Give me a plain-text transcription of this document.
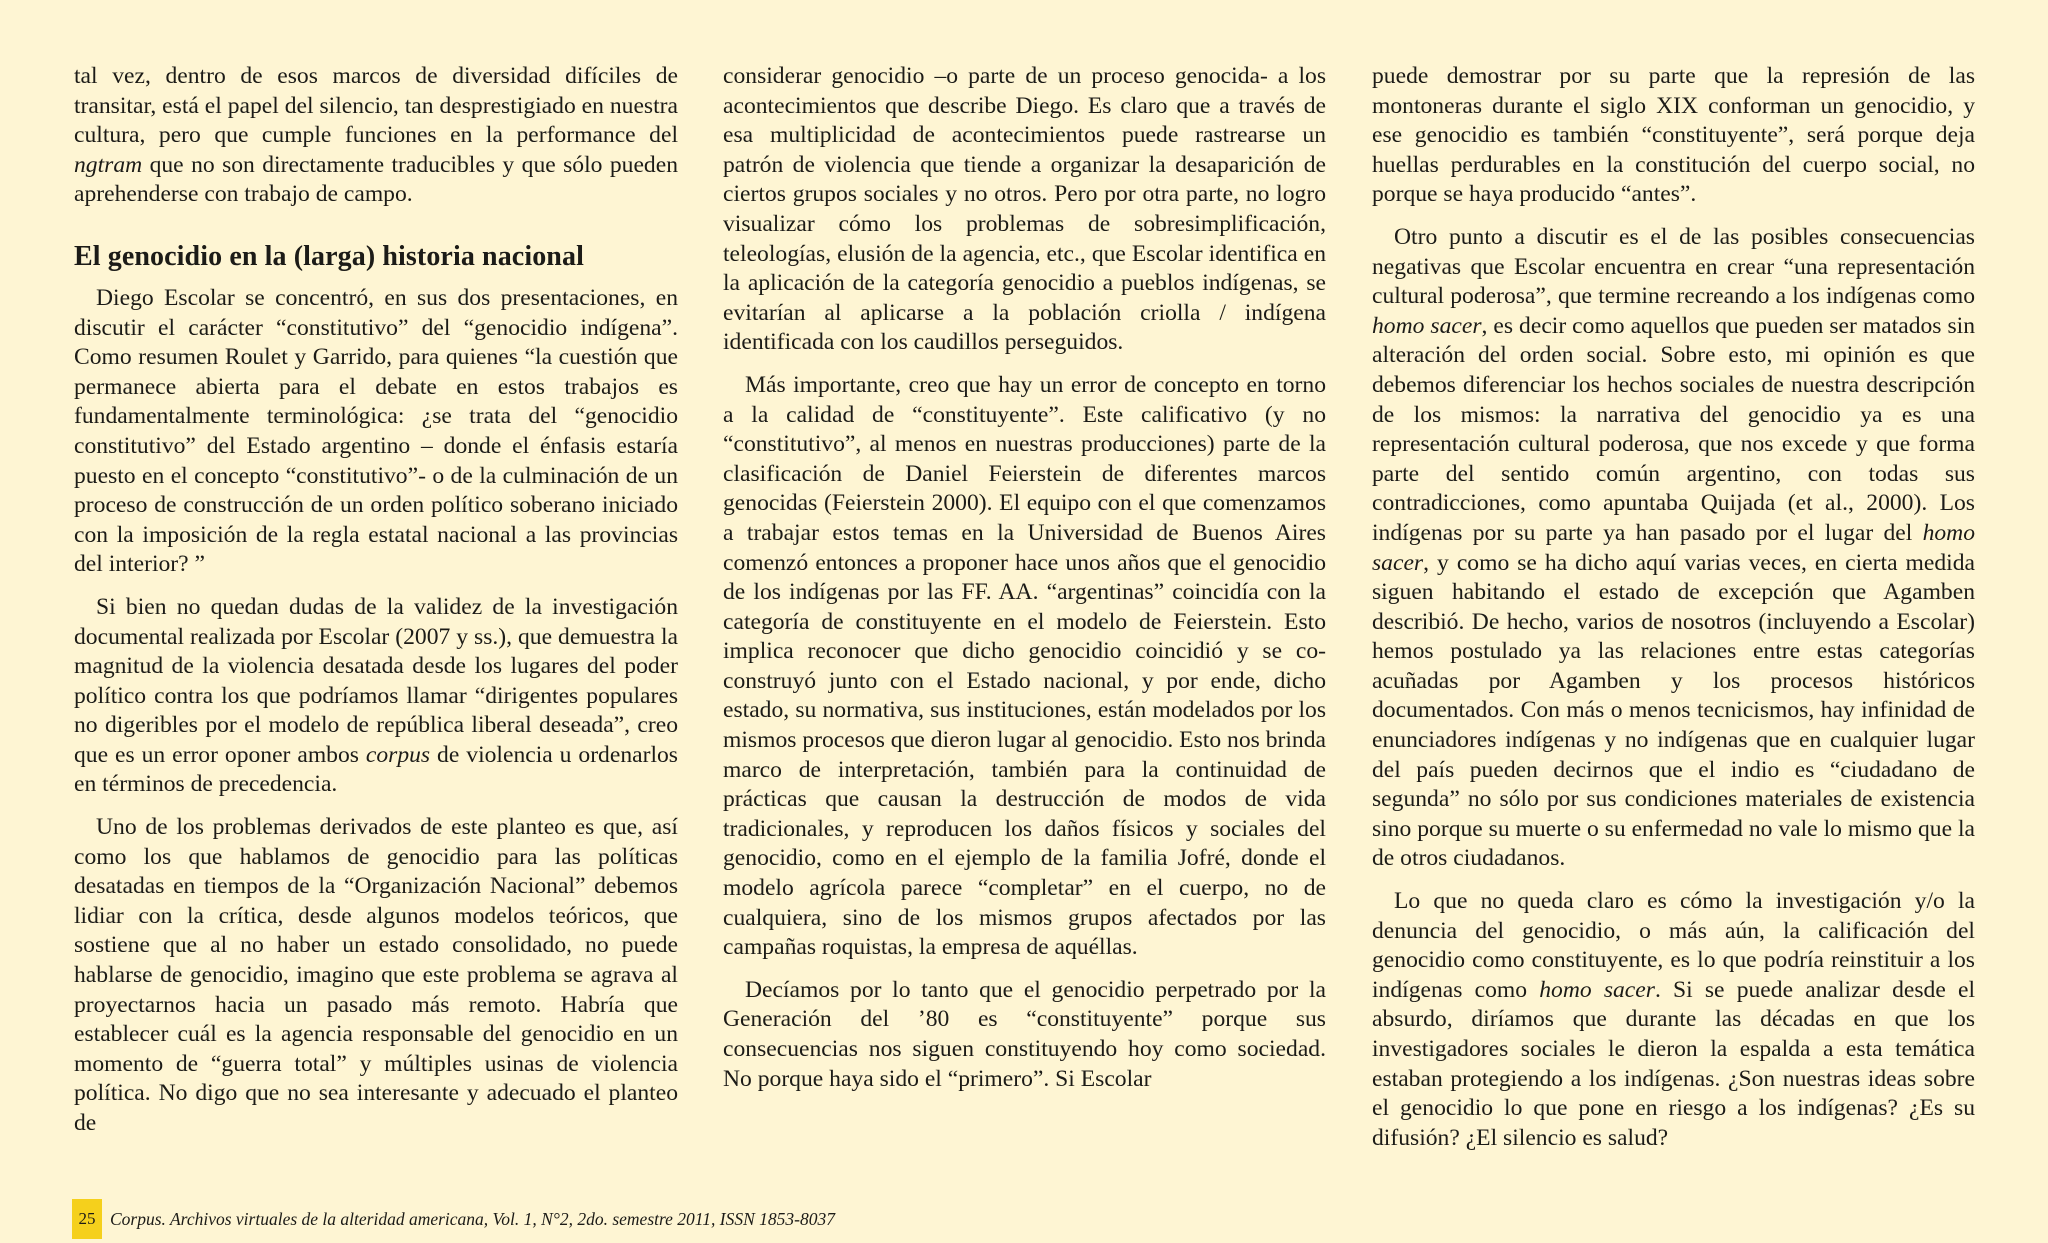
tal vez, dentro de esos marcos de diversidad difíciles de transitar, está el papel del silencio, tan desprestigiado en nuestra cultura, pero que cumple funciones en la performance del ngtram que no son directamente traducibles y que sólo pueden aprehenderse con trabajo de campo.

El genocidio en la (larga) historia nacional

Diego Escolar se concentró, en sus dos presentaciones, en discutir el carácter “constitutivo” del “genocidio indígena”. Como resumen Roulet y Garrido, para quienes “la cuestión que permanece abierta para el debate en estos trabajos es fundamentalmente terminológica: ¿se trata del “genocidio constitutivo” del Estado argentino – donde el énfasis estaría puesto en el concepto “constitutivo”- o de la culminación de un proceso de construcción de un orden político soberano iniciado con la imposición de la regla estatal nacional a las provincias del interior? ”

Si bien no quedan dudas de la validez de la investigación documental realizada por Escolar (2007 y ss.), que demuestra la magnitud de la violencia desatada desde los lugares del poder político contra los que podríamos llamar “dirigentes populares no digeribles por el modelo de república liberal deseada”, creo que es un error oponer ambos corpus de violencia u ordenarlos en términos de precedencia.

Uno de los problemas derivados de este planteo es que, así como los que hablamos de genocidio para las políticas desatadas en tiempos de la “Organización Nacional” debemos lidiar con la crítica, desde algunos modelos teóricos, que sostiene que al no haber un estado consolidado, no puede hablarse de genocidio, imagino que este problema se agrava al proyectarnos hacia un pasado más remoto. Habría que establecer cuál es la agencia responsable del genocidio en un momento de “guerra total” y múltiples usinas de violencia política. No digo que no sea interesante y adecuado el planteo de

considerar genocidio –o parte de un proceso genocida- a los acontecimientos que describe Diego. Es claro que a través de esa multiplicidad de acontecimientos puede rastrearse un patrón de violencia que tiende a organizar la desaparición de ciertos grupos sociales y no otros. Pero por otra parte, no logro visualizar cómo los problemas de sobresimplificación, teleologías, elusión de la agencia, etc., que Escolar identifica en la aplicación de la categoría genocidio a pueblos indígenas, se evitarían al aplicarse a la población criolla / indígena identificada con los caudillos perseguidos.

Más importante, creo que hay un error de concepto en torno a la calidad de “constituyente”. Este calificativo (y no “constitutivo”, al menos en nuestras producciones) parte de la clasificación de Daniel Feierstein de diferentes marcos genocidas (Feierstein 2000). El equipo con el que comenzamos a trabajar estos temas en la Universidad de Buenos Aires comenzó entonces a proponer hace unos años que el genocidio de los indígenas por las FF. AA. “argentinas” coincidía con la categoría de constituyente en el modelo de Feierstein. Esto implica reconocer que dicho genocidio coincidió y se co-construyó junto con el Estado nacional, y por ende, dicho estado, su normativa, sus instituciones, están modelados por los mismos procesos que dieron lugar al genocidio. Esto nos brinda marco de interpretación, también para la continuidad de prácticas que causan la destrucción de modos de vida tradicionales, y reproducen los daños físicos y sociales del genocidio, como en el ejemplo de la familia Jofré, donde el modelo agrícola parece “completar” en el cuerpo, no de cualquiera, sino de los mismos grupos afectados por las campañas roquistas, la empresa de aquéllas.

Decíamos por lo tanto que el genocidio perpetrado por la Generación del ’80 es “constituyente” porque sus consecuencias nos siguen constituyendo hoy como sociedad. No porque haya sido el “primero”. Si Escolar

puede demostrar por su parte que la represión de las montoneras durante el siglo XIX conforman un genocidio, y ese genocidio es también “constituyente”, será porque deja huellas perdurables en la constitución del cuerpo social, no porque se haya producido “antes”.

Otro punto a discutir es el de las posibles consecuencias negativas que Escolar encuentra en crear “una representación cultural poderosa”, que termine recreando a los indígenas como homo sacer, es decir como aquellos que pueden ser matados sin alteración del orden social. Sobre esto, mi opinión es que debemos diferenciar los hechos sociales de nuestra descripción de los mismos: la narrativa del genocidio ya es una representación cultural poderosa, que nos excede y que forma parte del sentido común argentino, con todas sus contradicciones, como apuntaba Quijada (et al., 2000). Los indígenas por su parte ya han pasado por el lugar del homo sacer, y como se ha dicho aquí varias veces, en cierta medida siguen habitando el estado de excepción que Agamben describió. De hecho, varios de nosotros (incluyendo a Escolar) hemos postulado ya las relaciones entre estas categorías acuñadas por Agamben y los procesos históricos documentados. Con más o menos tecnicismos, hay infinidad de enunciadores indígenas y no indígenas que en cualquier lugar del país pueden decirnos que el indio es “ciudadano de segunda” no sólo por sus condiciones materiales de existencia sino porque su muerte o su enfermedad no vale lo mismo que la de otros ciudadanos.

Lo que no queda claro es cómo la investigación y/o la denuncia del genocidio, o más aún, la calificación del genocidio como constituyente, es lo que podría reinstituir a los indígenas como homo sacer. Si se puede analizar desde el absurdo, diríamos que durante las décadas en que los investigadores sociales le dieron la espalda a esta temática estaban protegiendo a los indígenas. ¿Son nuestras ideas sobre el genocidio lo que pone en riesgo a los indígenas? ¿Es su difusión? ¿El silencio es salud?

25 Corpus. Archivos virtuales de la alteridad americana, Vol. 1, N°2, 2do. semestre 2011, ISSN 1853-8037
